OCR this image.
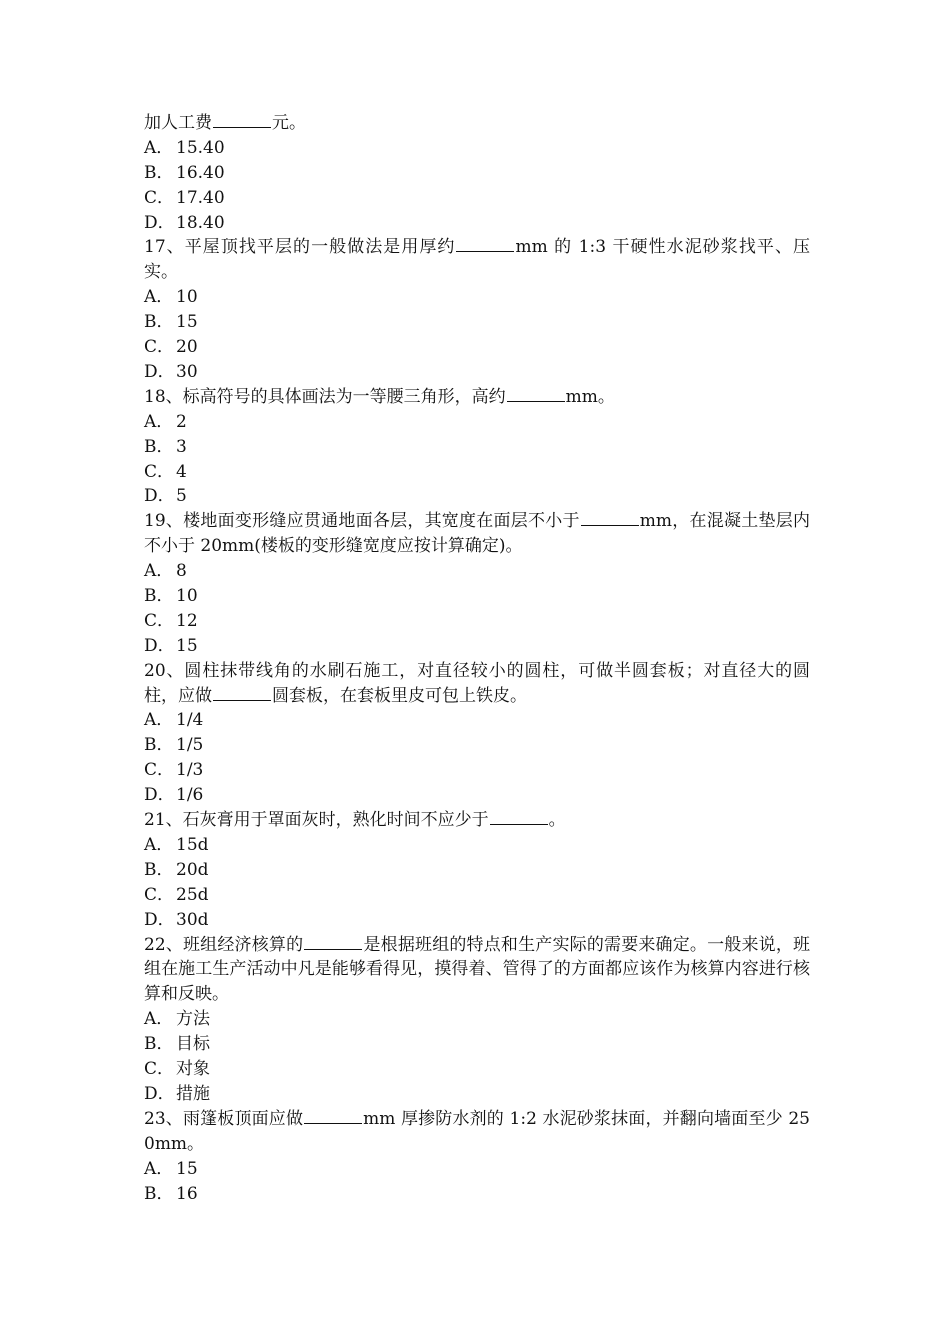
加人工费	元。
A． 15.40
B． 16.40
C． 17.40
D．18.40
17、平屋顶找平层的一般做法是用厚约	mm 的 1:3 干硬性水泥砂浆找平、压实。
A． 10
B． 15
C． 20
D．30
18、标高符号的具体画法为一等腰三角形，高约	mm。
A． 2
B． 3
C． 4
D．5
19、楼地面变形缝应贯通地面各层，其宽度在面层不小于	mm，在混凝土垫层内不小于 20mm(楼板的变形缝宽度应按计算确定)。
A． 8
B． 10
C． 12
D．15
20、圆柱抹带线角的水刷石施工，对直径较小的圆柱，可做半圆套板；对直径大的圆柱，应做	圆套板，在套板里皮可包上铁皮。
A． 1/4
B． 1/5
C． 1/3
D．1/6
21、石灰膏用于罩面灰时，熟化时间不应少于	。
A． 15d
B． 20d
C． 25d
D．30d
22、班组经济核算的	是根据班组的特点和生产实际的需要来确定。一般来说，班组在施工生产活动中凡是能够看得见，摸得着、管得了的方面都应该作为核算内容进行核算和反映。
A． 方法
B． 目标
C． 对象
D．措施
23、雨篷板顶面应做	mm 厚掺防水剂的 1:2 水泥砂浆抹面，并翻向墙面至少 250mm。
A． 15
B． 16
